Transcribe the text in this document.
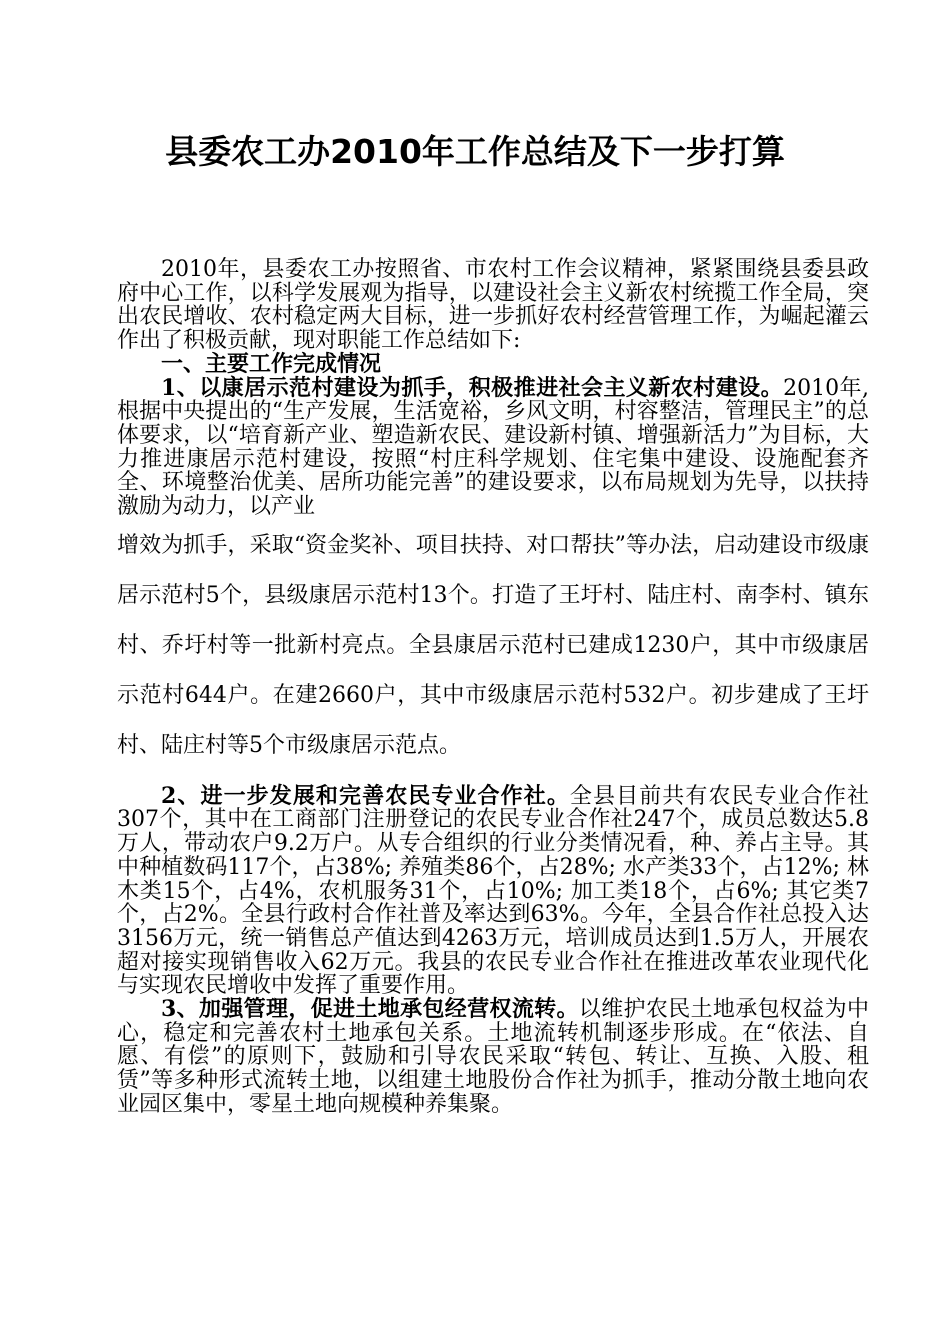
县委农工办2010年工作总结及下一步打算

2010年，县委农工办按照省、市农村工作会议精神，紧紧围绕县委县政府中心工作，以科学发展观为指导，以建设社会主义新农村统揽工作全局，突出农民增收、农村稳定两大目标，进一步抓好农村经营管理工作，为崛起灌云作出了积极贡献，现对职能工作总结如下:

一、主要工作完成情况

1、以康居示范村建设为抓手，积极推进社会主义新农村建设。2010年,根据中央提出的“生产发展，生活宽裕，乡风文明，村容整洁，管理民主”的总体要求，以“培育新产业、塑造新农民、建设新村镇、增强新活力”为目标，大力推进康居示范村建设，按照“村庄科学规划、住宅集中建设、设施配套齐全、环境整治优美、居所功能完善”的建设要求，以布局规划为先导，以扶持激励为动力，以产业

增效为抓手，采取“资金奖补、项目扶持、对口帮扶”等办法，启动建设市级康居示范村5个，县级康居示范村13个。打造了王圩村、陆庄村、南李村、镇东村、乔圩村等一批新村亮点。全县康居示范村已建成1230户，其中市级康居示范村644户。在建2660户，其中市级康居示范村532户。初步建成了王圩村、陆庄村等5个市级康居示范点。

2、进一步发展和完善农民专业合作社。全县目前共有农民专业合作社307个，其中在工商部门注册登记的农民专业合作社247个，成员总数达5.8万人，带动农户9.2万户。从专合组织的行业分类情况看，种、养占主导。其中种植数码117个，占38%; 养殖类86个，占28%; 水产类33个，占12%; 林木类15个，占4%，农机服务31个，占10%; 加工类18个，占6%; 其它类7个，占2%。全县行政村合作社普及率达到63%。今年，全县合作社总投入达3156万元，统一销售总产值达到4263万元，培训成员达到1.5万人，开展农超对接实现销售收入62万元。我县的农民专业合作社在推进改革农业现代化与实现农民增收中发挥了重要作用。

3、加强管理，促进土地承包经营权流转。以维护农民土地承包权益为中心，稳定和完善农村土地承包关系。土地流转机制逐步形成。在“依法、自愿、有偿”的原则下，鼓励和引导农民采取“转包、转让、互换、入股、租赁”等多种形式流转土地，以组建土地股份合作社为抓手，推动分散土地向农业园区集中，零星土地向规模种养集聚。
